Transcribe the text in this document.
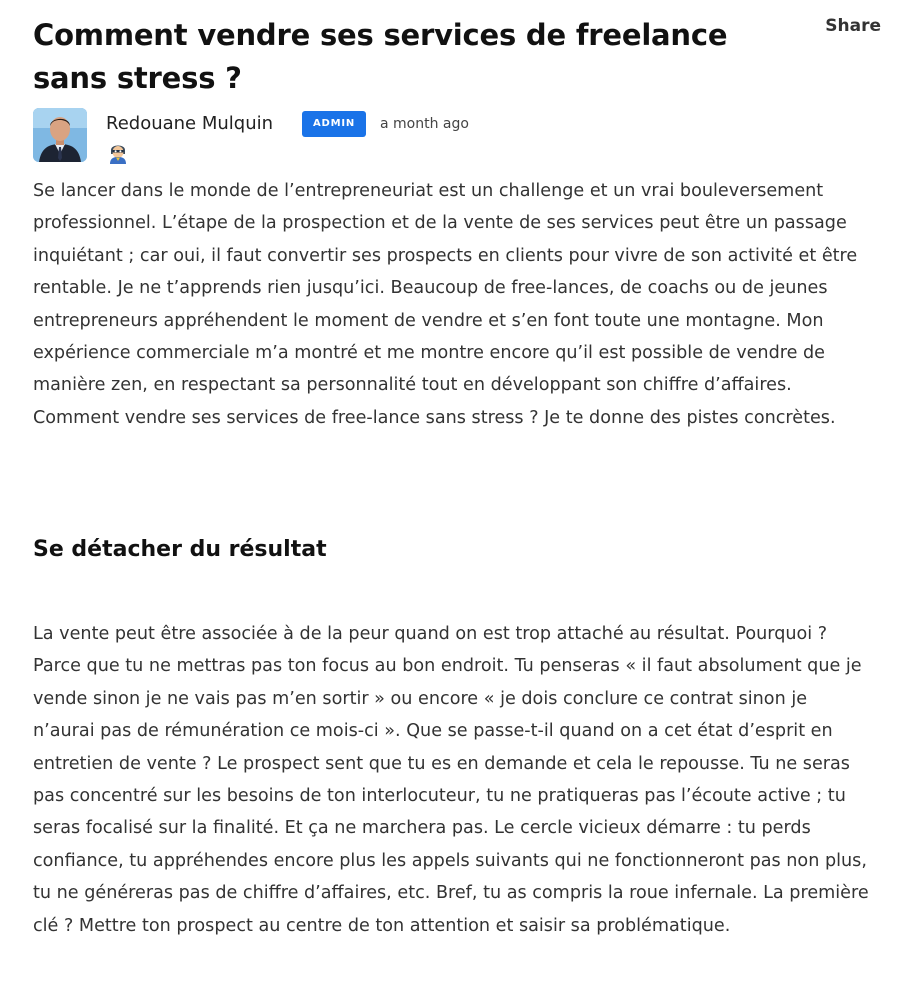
Comment vendre ses services de freelance sans stress ?
Share
Redouane Mulquin	ADMIN	a month ago

Se lancer dans le monde de l’entrepreneuriat est un challenge et un vrai bouleversement professionnel. L’étape de la prospection et de la vente de ses services peut être un passage inquiétant ; car oui, il faut convertir ses prospects en clients pour vivre de son activité et être rentable. Je ne t’apprends rien jusqu’ici. Beaucoup de free-lances, de coachs ou de jeunes entrepreneurs appréhendent le moment de vendre et s’en font toute une montagne. Mon expérience commerciale m’a montré et me montre encore qu’il est possible de vendre de manière zen, en respectant sa personnalité tout en développant son chiffre d’affaires. Comment vendre ses services de free-lance sans stress ? Je te donne des pistes concrètes.

Se détacher du résultat

La vente peut être associée à de la peur quand on est trop attaché au résultat. Pourquoi ? Parce que tu ne mettras pas ton focus au bon endroit. Tu penseras « il faut absolument que je vende sinon je ne vais pas m’en sortir » ou encore « je dois conclure ce contrat sinon je n’aurai pas de rémunération ce mois-ci ». Que se passe-t-il quand on a cet état d’esprit en entretien de vente ? Le prospect sent que tu es en demande et cela le repousse. Tu ne seras pas concentré sur les besoins de ton interlocuteur, tu ne pratiqueras pas l’écoute active ; tu seras focalisé sur la finalité. Et ça ne marchera pas. Le cercle vicieux démarre : tu perds confiance, tu appréhendes encore plus les appels suivants qui ne fonctionneront pas non plus, tu ne généreras pas de chiffre d’affaires, etc. Bref, tu as compris la roue infernale. La première clé ? Mettre ton prospect au centre de ton attention et saisir sa problématique.
